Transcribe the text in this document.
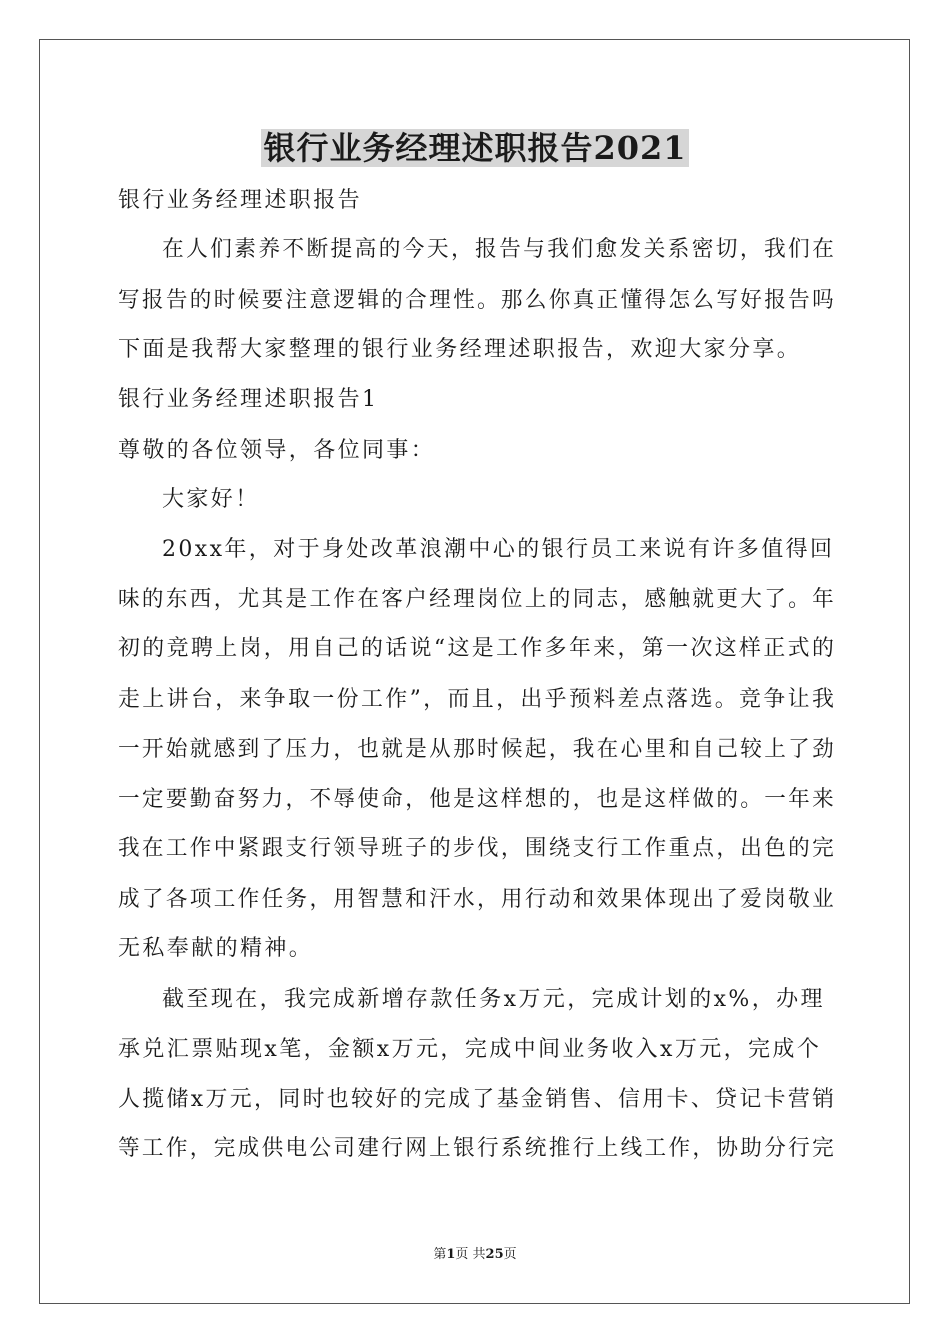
银行业务经理述职报告2021
银行业务经理述职报告
在人们素养不断提高的今天，报告与我们愈发关系密切，我们在
写报告的时候要注意逻辑的合理性。那么你真正懂得怎么写好报告吗
下面是我帮大家整理的银行业务经理述职报告，欢迎大家分享。
银行业务经理述职报告1
尊敬的各位领导，各位同事：
大家好！
20xx年，对于身处改革浪潮中心的银行员工来说有许多值得回
味的东西，尤其是工作在客户经理岗位上的同志，感触就更大了。年
初的竞聘上岗，用自己的话说“这是工作多年来，第一次这样正式的
走上讲台，来争取一份工作”，而且，出乎预料差点落选。竞争让我
一开始就感到了压力，也就是从那时候起，我在心里和自己较上了劲
一定要勤奋努力，不辱使命，他是这样想的，也是这样做的。一年来
我在工作中紧跟支行领导班子的步伐，围绕支行工作重点，出色的完
成了各项工作任务，用智慧和汗水，用行动和效果体现出了爱岗敬业
无私奉献的精神。
截至现在，我完成新增存款任务x万元，完成计划的x%，办理
承兑汇票贴现x笔，金额x万元，完成中间业务收入x万元，完成个
人揽储x万元，同时也较好的完成了基金销售、信用卡、贷记卡营销
等工作，完成供电公司建行网上银行系统推行上线工作，协助分行完
第1页 共25页
